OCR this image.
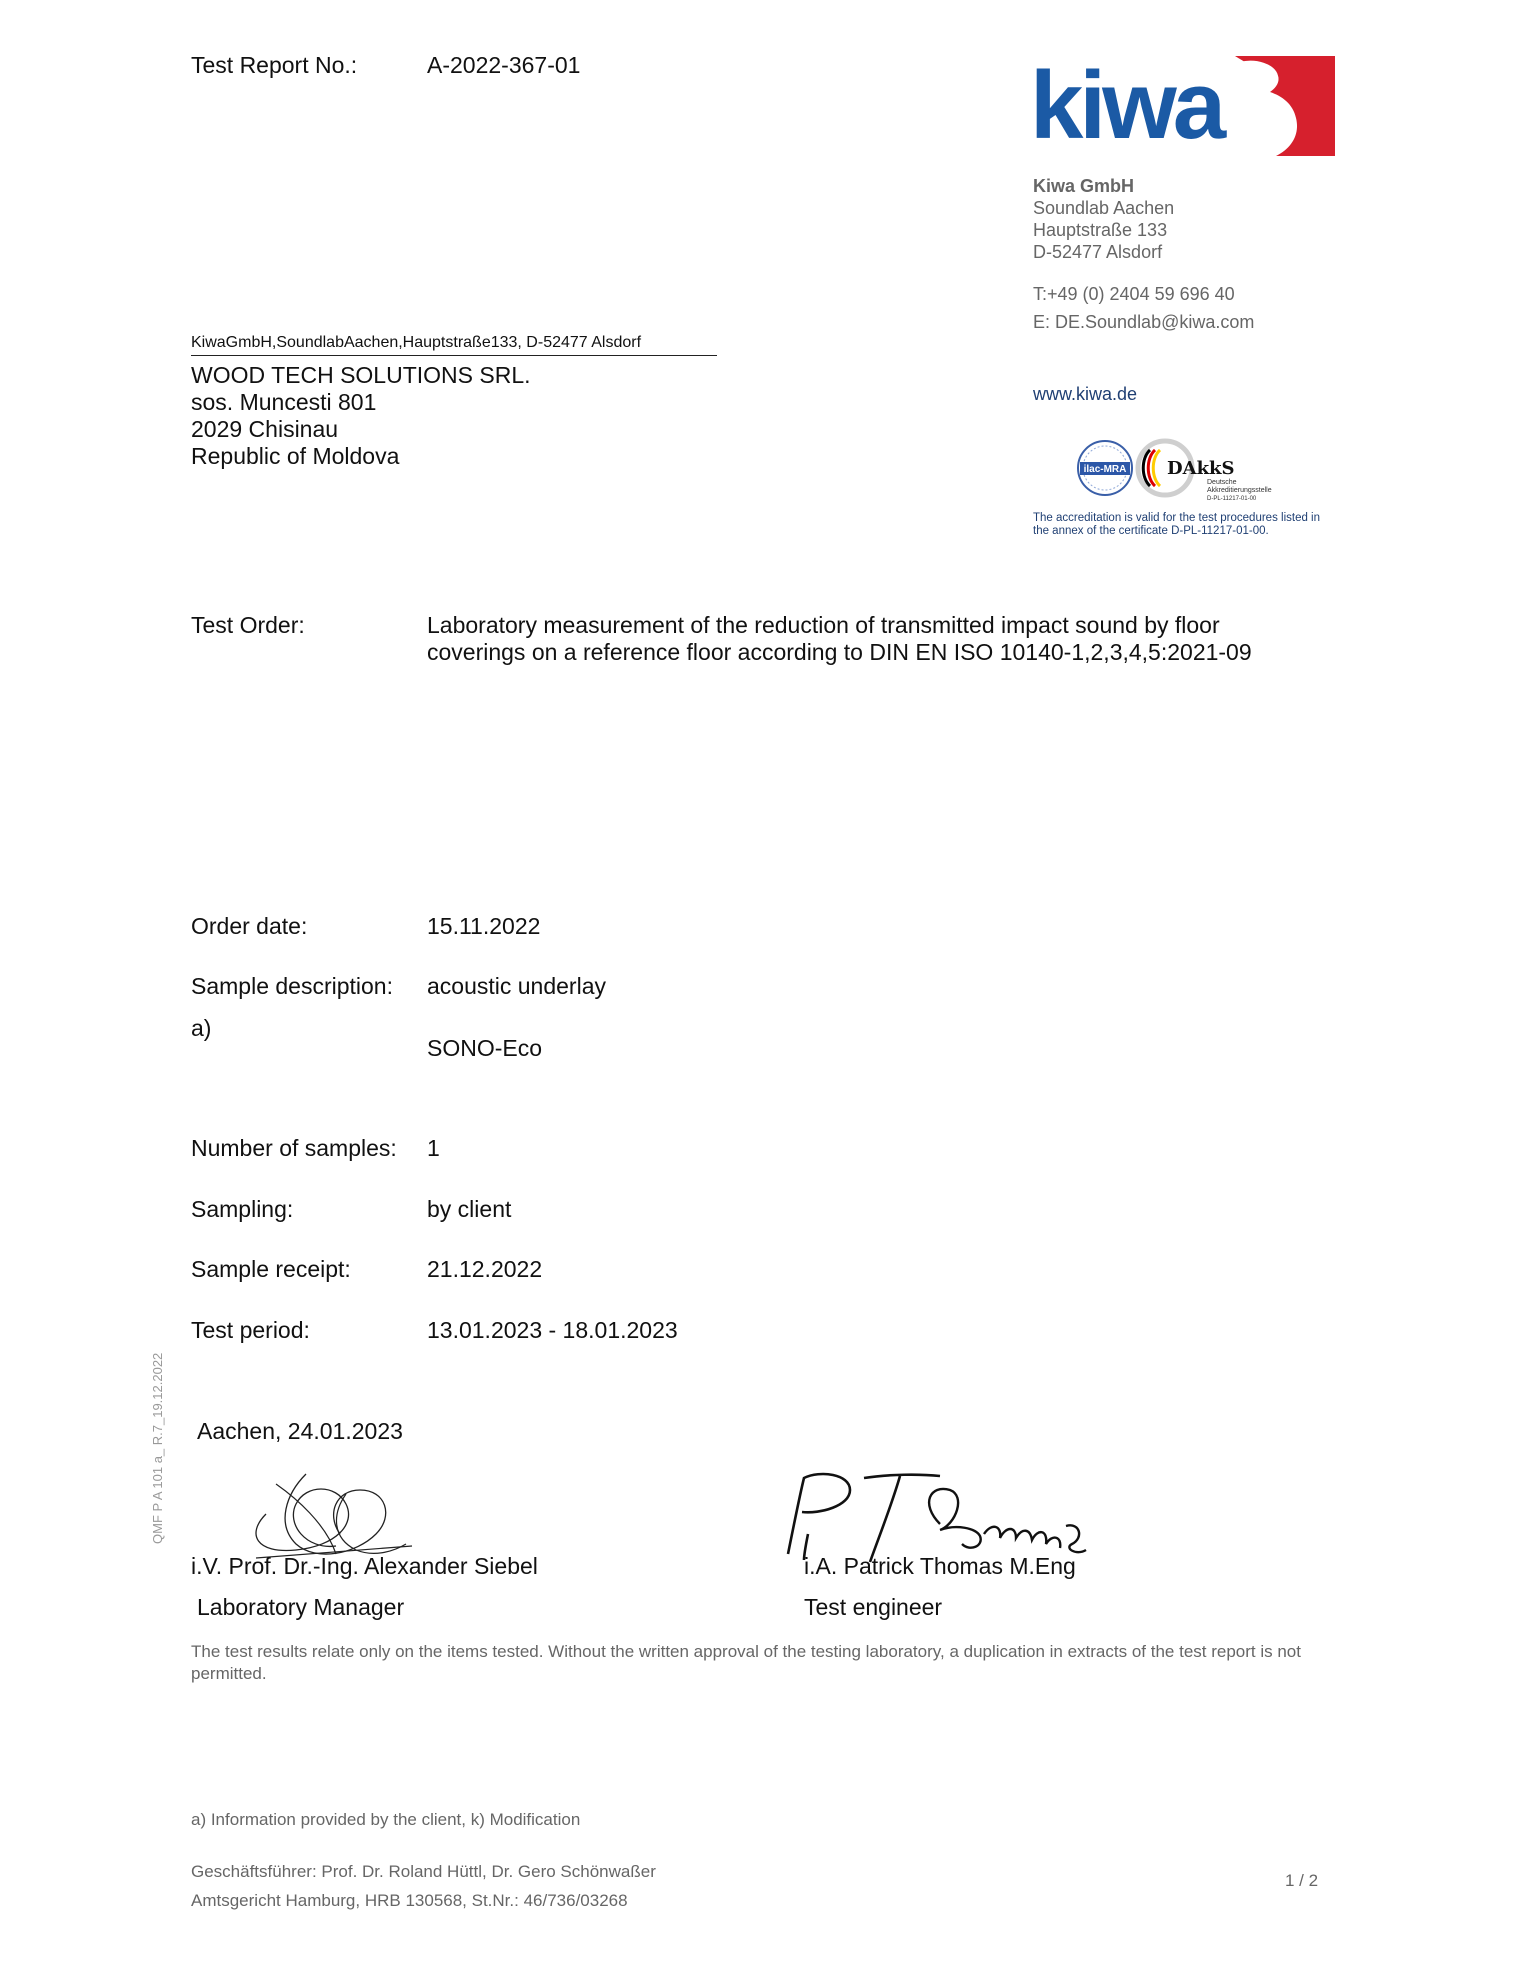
Test Report No.:	A-2022-367-01	kiwa
Kiwa GmbH
Soundlab Aachen
Hauptstraße 133
D-52477 Alsdorf
T:+49 (0) 2404 59 696 40
E: DE.Soundlab@kiwa.com
www.kiwa.de
ilac-MRA DAkkS
Deutsche
Akkreditierungsstelle
D-PL-11217-01-00
The accreditation is valid for the test procedures listed in
the annex of the certificate D-PL-11217-01-00.
KiwaGmbH,SoundlabAachen,Hauptstraße133, D-52477 Alsdorf
WOOD TECH SOLUTIONS SRL.
sos. Muncesti 801
2029 Chisinau
Republic of Moldova
Test Order:	Laboratory measurement of the reduction of transmitted impact sound by floor
coverings on a reference floor according to DIN EN ISO 10140-1,2,3,4,5:2021-09
Order date:	15.11.2022
Sample description: acoustic underlay
a)
SONO-Eco
Number of samples: 1
Sampling:	by client
Sample receipt:	21.12.2022
Test period:	13.01.2023 - 18.01.2023
QMF P A 101 a_ R.7_19.12.2022 Aachen, 24.01.2023
i.V. Prof. Dr.-Ing. Alexander Siebel
Laboratory Manager
i.A. Patrick Thomas M.Eng
Test engineer
The test results relate only on the items tested. Without the written approval of the testing laboratory, a duplication in extracts of the test report is not permitted.
a) Information provided by the client, k) Modification
Geschäftsführer: Prof. Dr. Roland Hüttl, Dr. Gero Schönwaßer
Amtsgericht Hamburg, HRB 130568, St.Nr.: 46/736/03268
1 / 2
